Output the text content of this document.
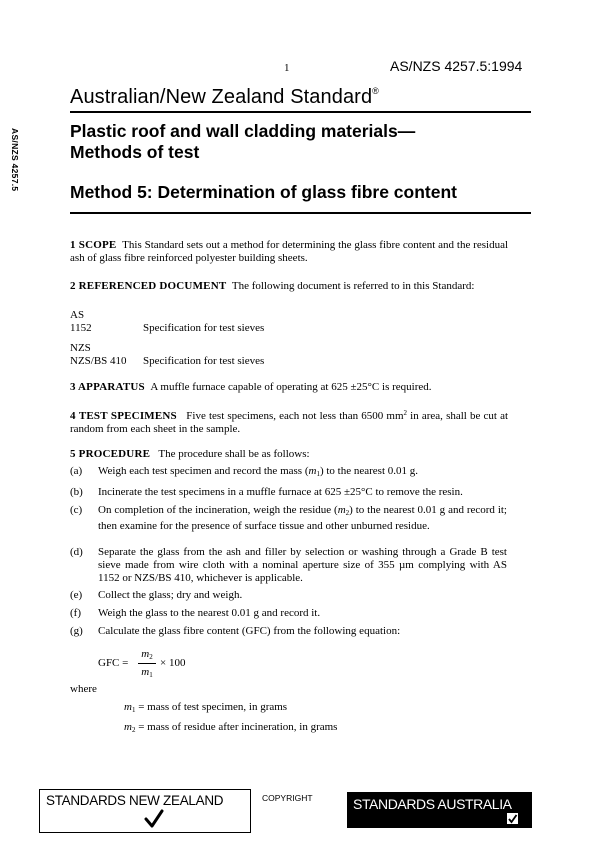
1	AS/NZS 4257.5:1994
Australian/New Zealand Standard®
AS/NZS 4257.5	Plastic roof and wall cladding materials—
Methods of test
Method 5: Determination of glass fibre content
1 SCOPE This Standard sets out a method for determining the glass fibre content and the residual ash of glass fibre reinforced polyester building sheets.
2 REFERENCED DOCUMENT The following document is referred to in this Standard:
AS
1152	Specification for test sieves
NZS
NZS/BS 410 Specification for test sieves
3 APPARATUS A muffle furnace capable of operating at 625 ±25°C is required.
4 TEST SPECIMENS Five test specimens, each not less than 6500 $mm^2$ in area, shall be cut at random from each sheet in the sample.
5 PROCEDURE The procedure shall be as follows:
(a) Weigh each test specimen and record the mass $(m_1)$ to the nearest 0.01 g.
(b) Incinerate the test specimens in a muffle furnace at 625 ±25°C to remove the resin.
(c) On completion of the incineration, weigh the residue $(m_2)$ to the nearest 0.01 g and record it; then examine for the presence of surface tissue and other unburned residue.
(d) Separate the glass from the ash and filler by selection or washing through a Grade B test sieve made from wire cloth with a nominal aperture size of 355 µm complying with AS 1152 or NZS/BS 410, whichever is applicable.
(e) Collect the glass; dry and weigh.
(f) Weigh the glass to the nearest 0.01 g and record it.
(g) Calculate the glass fibre content (GFC) from the following equation:
GFC =
$m_2$
$m_1$
× 100
where
$m_1$ = mass of test specimen, in grams
$m_2$ = mass of residue after incineration, in grams
STANDARDS NEW ZEALAND	COPYRIGHT	STANDARDS AUSTRALIA
